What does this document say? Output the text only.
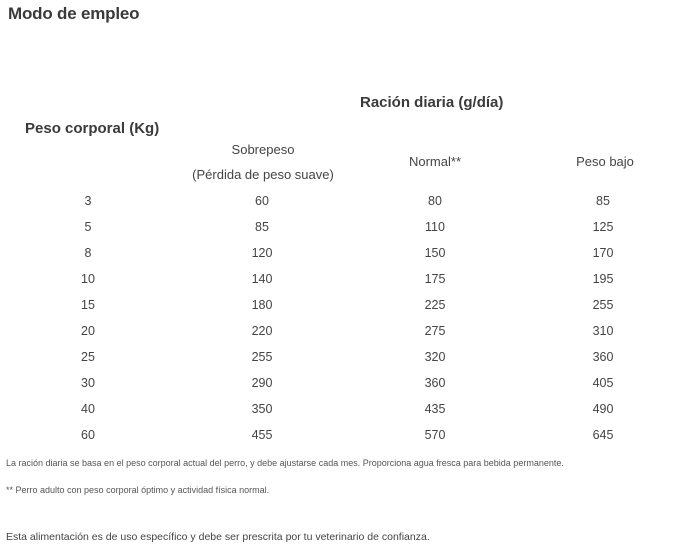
Modo de empleo
Ración diaria (g/día)
Peso corporal (Kg)
Sobrepeso
(Pérdida de peso suave)
Normal**	Peso bajo
3	60	80	85
5	85	110	125
8	120	150	170
10	140	175	195
15	180	225	255
20	220	275	310
25	255	320	360
30	290	360	405
40	350	435	490
60	455	570	645
La ración diaria se basa en el peso corporal actual del perro, y debe ajustarse cada mes. Proporciona agua fresca para bebida permanente.
** Perro adulto con peso corporal óptimo y actividad física normal.
Esta alimentación es de uso específico y debe ser prescrita por tu veterinario de confianza.
